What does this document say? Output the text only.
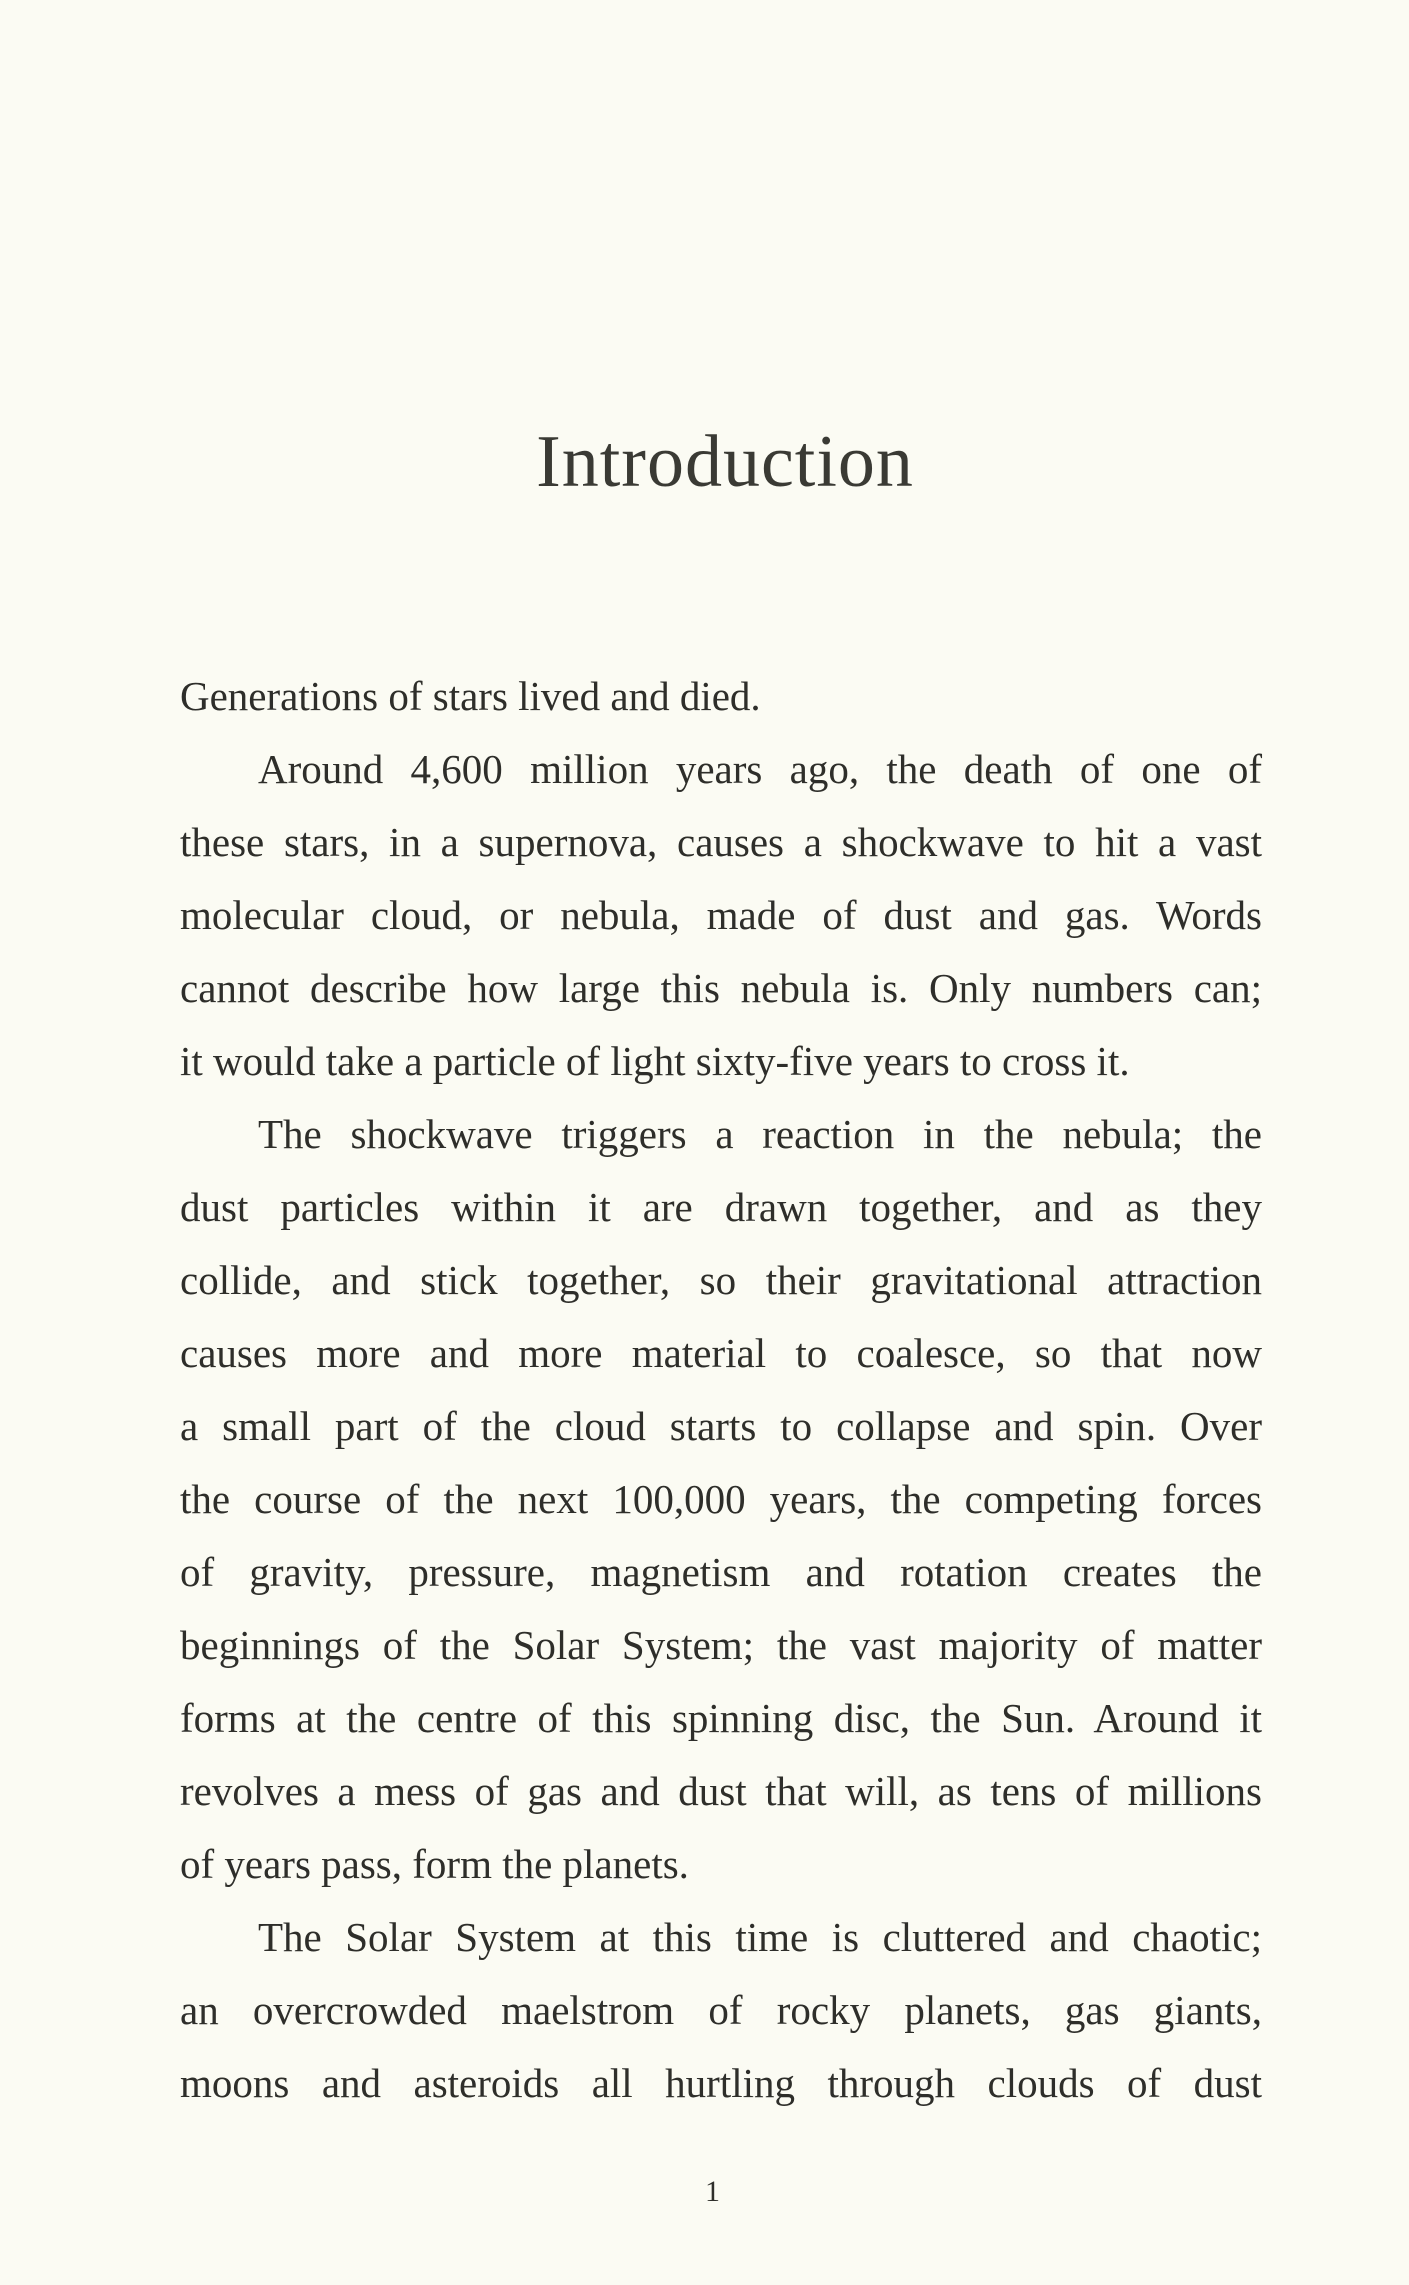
Introduction
Generations of stars lived and died.
Around 4,600 million years ago, the death of one of
these stars, in a supernova, causes a shockwave to hit a vast
molecular cloud, or nebula, made of dust and gas. Words
cannot describe how large this nebula is. Only numbers can;
it would take a particle of light sixty-five years to cross it.
The shockwave triggers a reaction in the nebula; the
dust particles within it are drawn together, and as they
collide, and stick together, so their gravitational attraction
causes more and more material to coalesce, so that now
a small part of the cloud starts to collapse and spin. Over
the course of the next 100,000 years, the competing forces
of gravity, pressure, magnetism and rotation creates the
beginnings of the Solar System; the vast majority of matter
forms at the centre of this spinning disc, the Sun. Around it
revolves a mess of gas and dust that will, as tens of millions
of years pass, form the planets.
The Solar System at this time is cluttered and chaotic;
an overcrowded maelstrom of rocky planets, gas giants,
moons and asteroids all hurtling through clouds of dust
1
